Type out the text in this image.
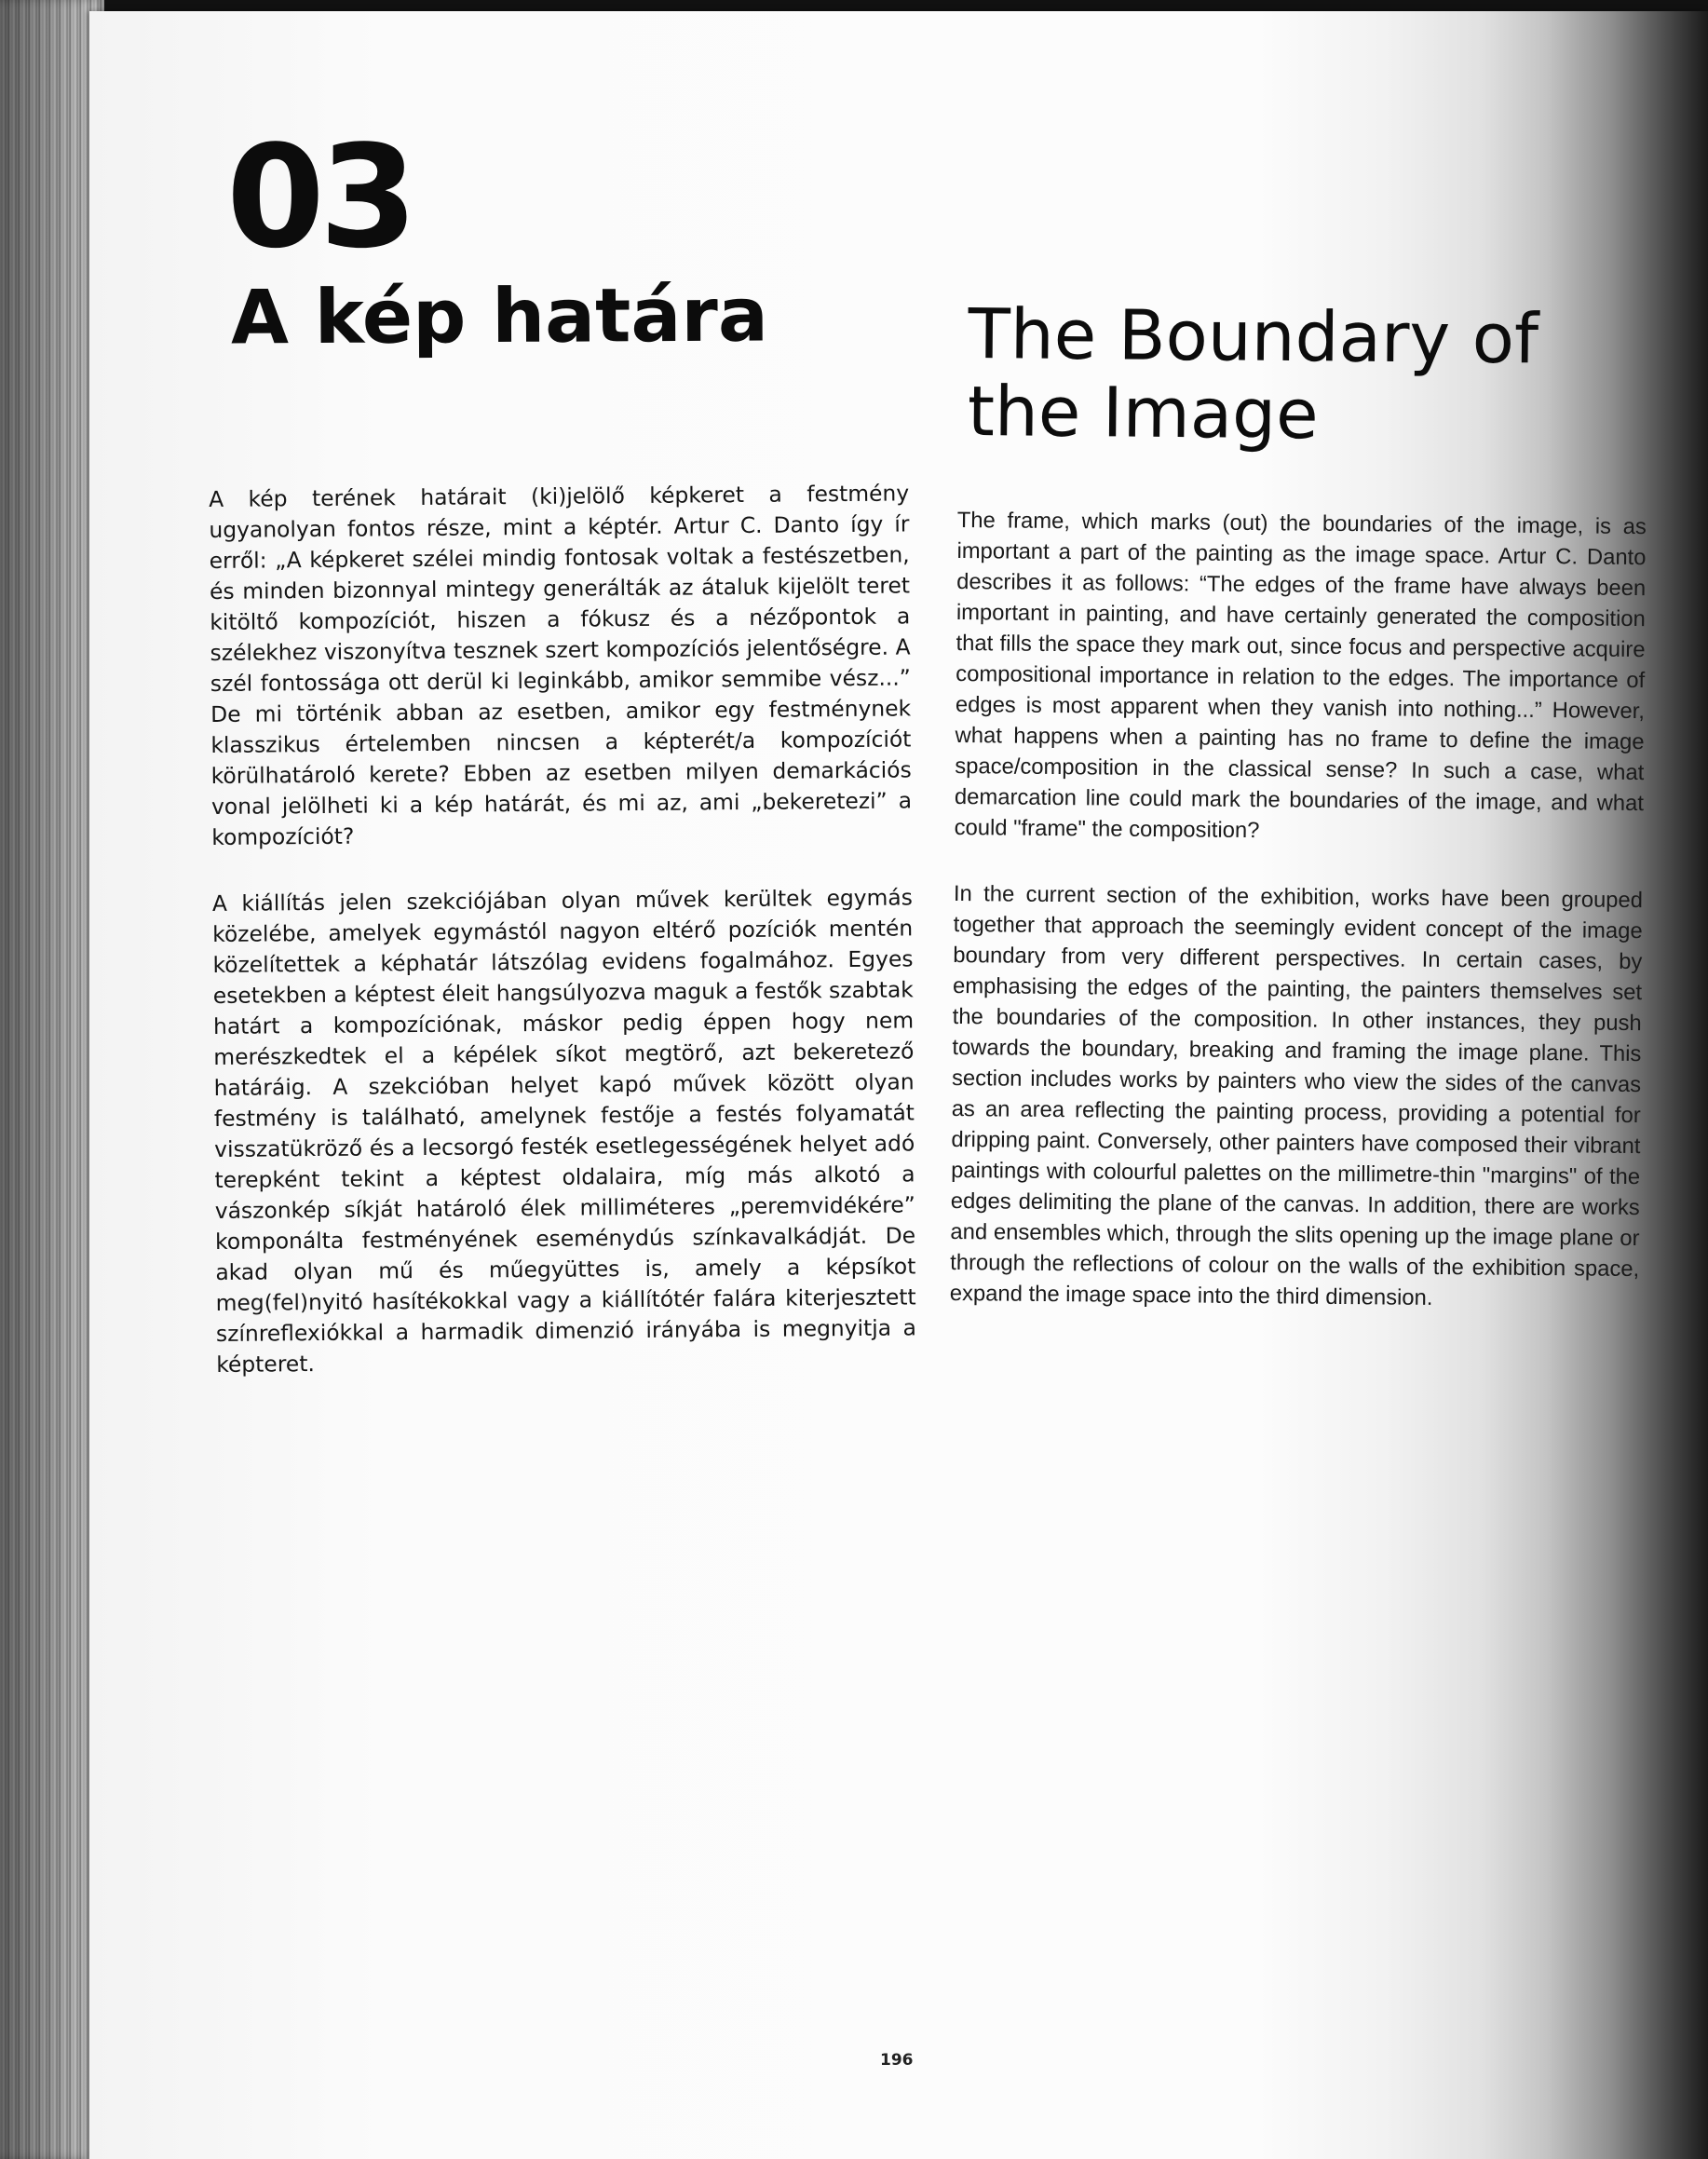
03
A kép határa	The Boundary of the Image

A kép terének határait (ki)jelölő képkeret a festmény ugyanolyan fontos része, mint a képtér. Artur C. Danto így ír erről: „A képkeret szélei mindig fontosak voltak a festészetben, és minden bizonnyal mintegy generálták az átaluk kijelölt teret kitöltő kompozíciót, hiszen a fókusz és a nézőpontok a szélekhez viszonyítva tesznek szert kompozíciós jelentőségre. A szél fontossága ott derül ki leginkább, amikor semmibe vész...” De mi történik abban az esetben, amikor egy festménynek klasszikus értelemben nincsen a képterét/a kompozíciót körülhatároló kerete? Ebben az esetben milyen demarkációs vonal jelölheti ki a kép határát, és mi az, ami „bekeretezi” a kompozíciót?

A kiállítás jelen szekciójában olyan művek kerültek egymás közelébe, amelyek egymástól nagyon eltérő pozíciók mentén közelítettek a képhatár látszólag evidens fogalmához. Egyes esetekben a képtest éleit hangsúlyozva maguk a festők szabtak határt a kompozíciónak, máskor pedig éppen hogy nem merészkedtek el a képélek síkot megtörő, azt bekeretező határáig. A szekcióban helyet kapó művek között olyan festmény is található, amelynek festője a festés folyamatát visszatükröző és a lecsorgó festék esetlegességének helyet adó terepként tekint a képtest oldalaira, míg más alkotó a vászonkép síkját határoló élek milliméteres „peremvidékére” komponálta festményének eseménydús színkavalkádját. De akad olyan mű és műegyüttes is, amely a képsíkot meg(fel)nyitó hasítékokkal vagy a kiállítótér falára kiterjesztett színreflexiókkal a harmadik dimenzió irányába is megnyitja a képteret.

The frame, which marks (out) the boundaries of the image, is as important a part of the painting as the image space. Artur C. Danto describes it as follows: “The edges of the frame have always been important in painting, and have certainly generated the composition that fills the space they mark out, since focus and perspective acquire compositional importance in relation to the edges. The importance of edges is most apparent when they vanish into nothing...” However, what happens when a painting has no frame to define the image space/composition in the classical sense? In such a case, what demarcation line could mark the boundaries of the image, and what could "frame" the composition?

In the current section of the exhibition, works have been grouped together that approach the seemingly evident concept of the image boundary from very different perspectives. In certain cases, by emphasising the edges of the painting, the painters themselves set the boundaries of the composition. In other instances, they push towards the boundary, breaking and framing the image plane. This section includes works by painters who view the sides of the canvas as an area reflecting the painting process, providing a potential for dripping paint. Conversely, other painters have composed their vibrant paintings with colourful palettes on the millimetre-thin "margins" of the edges delimiting the plane of the canvas. In addition, there are works and ensembles which, through the slits opening up the image plane or through the reflections of colour on the walls of the exhibition space, expand the image space into the third dimension.

196
